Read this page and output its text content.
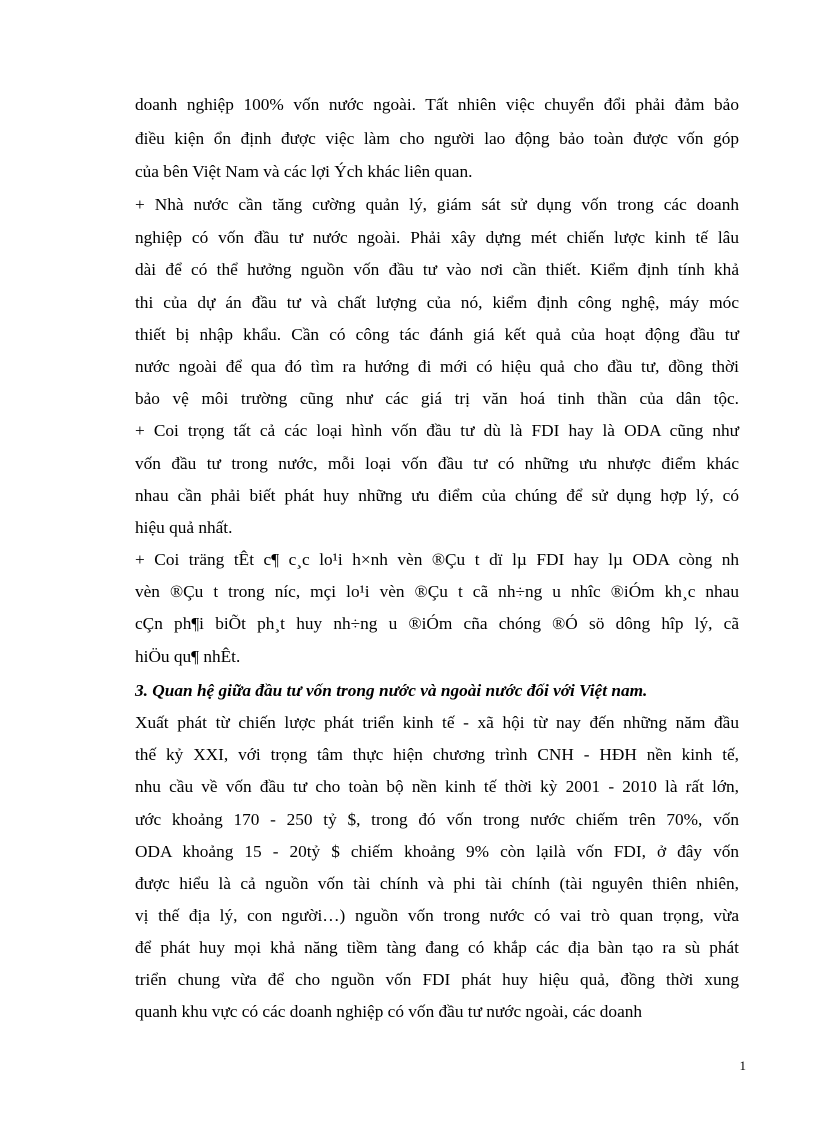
doanh nghiệp 100% vốn nước ngoài. Tất nhiên việc chuyển đổi phải đảm bảo
điều kiện ổn định được việc làm cho người lao động bảo toàn được vốn góp
của bên Việt Nam và các lợi Ých khác liên quan.
+ Nhà nước cần tăng cường quản lý, giám sát sử dụng vốn trong các doanh
nghiệp có vốn đầu tư nước ngoài. Phải xây dựng mét chiến lược kinh tế lâu
dài để có thể hưởng nguồn vốn đầu tư vào nơi cần thiết. Kiểm định tính khả
thi của dự án đầu tư và chất lượng của nó, kiểm định công nghệ, máy móc
thiết bị nhập khẩu. Cần có công tác đánh giá kết quả của hoạt động đầu tư
nước ngoài để qua đó tìm ra hướng đi mới có hiệu quả cho đầu tư, đồng thời
bảo vệ môi trường cũng như các giá trị văn hoá tinh thần của dân tộc.
+ Coi trọng tất cả các loại hình vốn đầu tư dù là FDI hay là ODA cũng như
vốn đầu tư trong nước, mỗi loại vốn đầu tư có những ưu nhược điểm khác
nhau cần phải biết phát huy những ưu điểm của chúng để sử dụng hợp lý, có
hiệu quả nhất.
+ Coi träng tÊt c¶ c¸c lo¹i h×nh vèn ®Çu t dï lµ FDI hay lµ ODA còng nh
vèn ®Çu t trong níc, mçi lo¹i vèn ®Çu t cã nh÷ng u nhîc ®iÓm kh¸c nhau
cÇn ph¶i biÕt ph¸t huy nh÷ng u ®iÓm cña chóng ®Ó sö dông hîp lý, cã
hiÖu qu¶ nhÊt.
3. Quan hệ giữa đầu tư vốn trong nước và ngoài nước đối với Việt nam.
Xuất phát từ chiến lược phát triển kinh tế - xã hội từ nay đến những năm đầu
thế kỷ XXI, với trọng tâm thực hiện chương trình CNH - HĐH nền kinh tế,
nhu cầu về vốn đầu tư cho toàn bộ nền kinh tế thời kỳ 2001 - 2010 là rất lớn,
ước khoảng 170 - 250 tỷ $, trong đó vốn trong nước chiếm trên 70%, vốn
ODA khoảng 15 - 20tỷ $ chiếm khoảng 9% còn lạilà vốn FDI, ở đây vốn
được hiểu là cả nguồn vốn tài chính và phi tài chính (tài nguyên thiên nhiên,
vị thế địa lý, con người…) nguồn vốn trong nước có vai trò quan trọng, vừa
để phát huy mọi khả năng tiềm tàng đang có khắp các địa bàn tạo ra sù phát
triển chung vừa để cho nguồn vốn FDI phát huy hiệu quả, đồng thời xung
quanh khu vực có các doanh nghiệp có vốn đầu tư nước ngoài, các doanh
1
